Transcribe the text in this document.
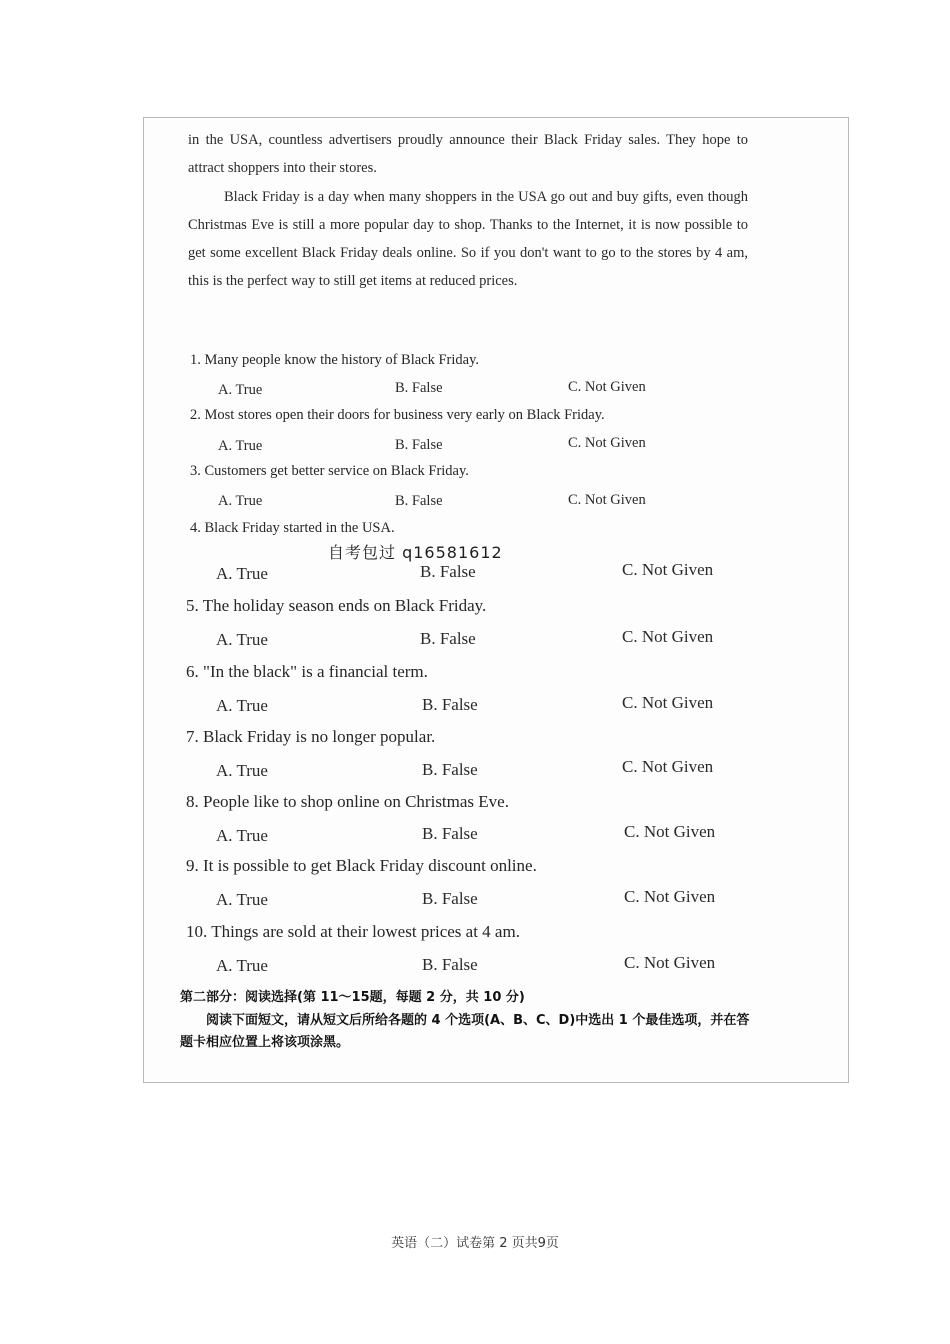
in the USA, countless advertisers proudly announce their Black Friday sales. They hope to attract shoppers into their stores.

Black Friday is a day when many shoppers in the USA go out and buy gifts, even though Christmas Eve is still a more popular day to shop. Thanks to the Internet, it is now possible to get some excellent Black Friday deals online. So if you don't want to go to the stores by 4 am, this is the perfect way to still get items at reduced prices.

1. Many people know the history of Black Friday.
A. True	B. False	C. Not Given
2. Most stores open their doors for business very early on Black Friday.
A. True	B. False	C. Not Given
3. Customers get better service on Black Friday.
A. True	B. False	C. Not Given
4. Black Friday started in the USA.
自考包过 q16581612
A. True	B. False	C. Not Given
5. The holiday season ends on Black Friday.
A. True	B. False	C. Not Given
6. "In the black" is a financial term.
A. True	B. False	C. Not Given
7. Black Friday is no longer popular.
A. True	B. False	C. Not Given
8. People like to shop online on Christmas Eve.
A. True	B. False	C. Not Given
9. It is possible to get Black Friday discount online.
A. True	B. False	C. Not Given
10. Things are sold at their lowest prices at 4 am.
A. True	B. False	C. Not Given
第二部分：阅读选择(第 11～15题，每题 2 分，共 10 分)

阅读下面短文，请从短文后所给各题的 4 个选项(A、B、C、D)中选出 1 个最佳选项，并在答题卡相应位置上将该项涂黑。

英语（二）试卷第 2 页共9页
